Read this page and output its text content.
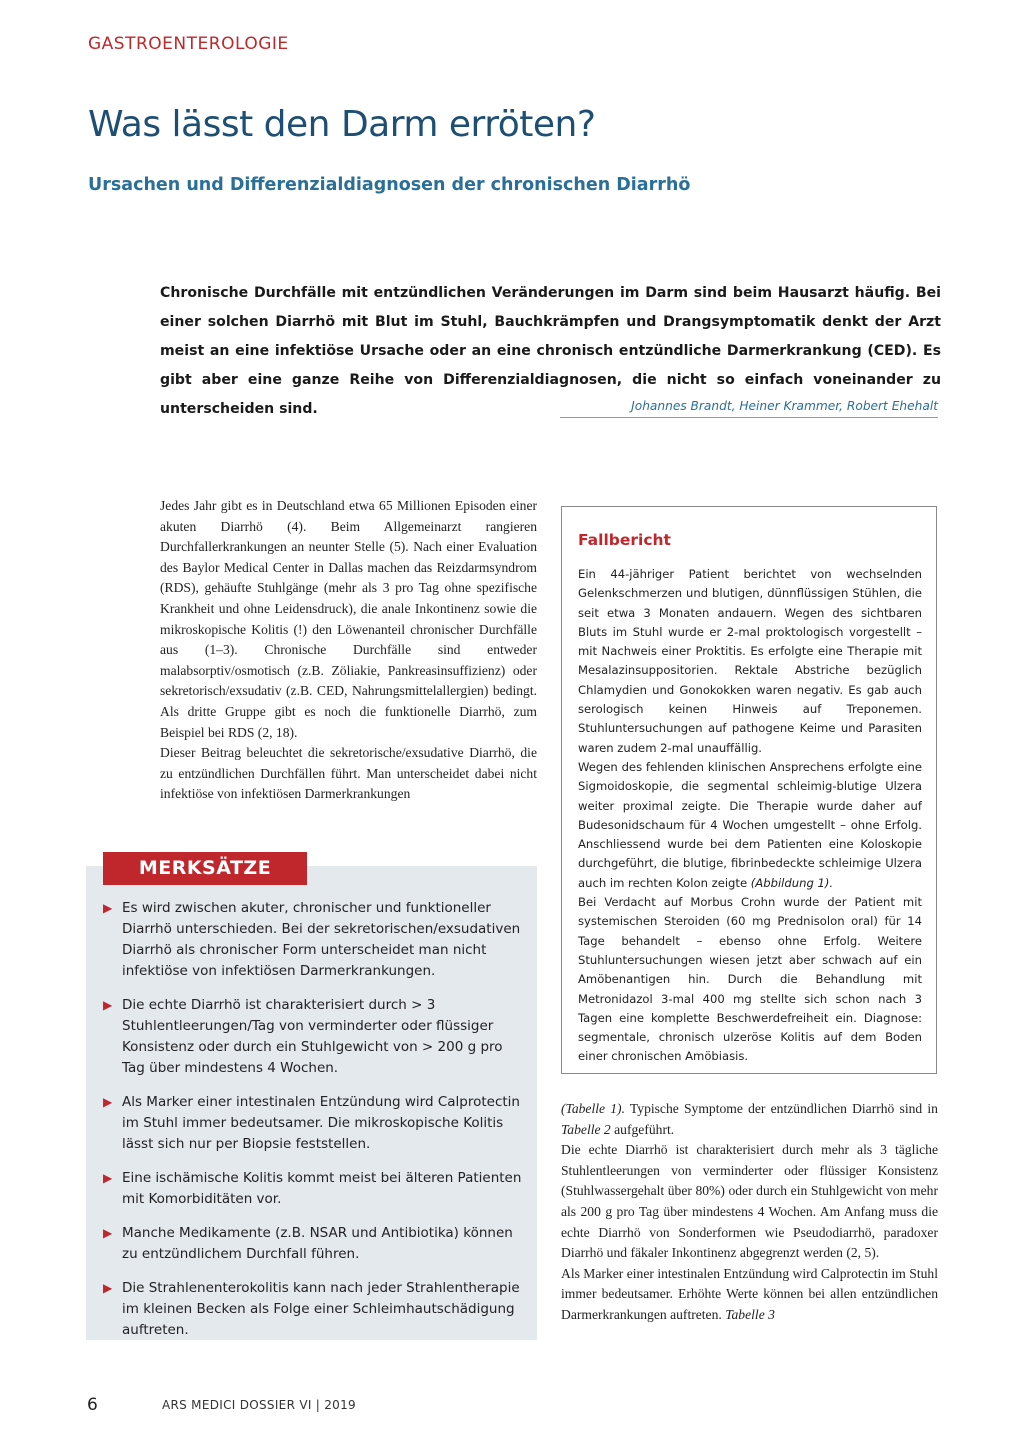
GASTROENTEROLOGIE
Was lässt den Darm erröten?
Ursachen und Differenzialdiagnosen der chronischen Diarrhö

Chronische Durchfälle mit entzündlichen Veränderungen im Darm sind beim Hausarzt häufig. Bei einer solchen Diarrhö mit Blut im Stuhl, Bauchkrämpfen und Drangsymptomatik denkt der Arzt meist an eine infektiöse Ursache oder an eine chronisch entzündliche Darmerkrankung (CED). Es gibt aber eine ganze Reihe von Differenzialdiagnosen, die nicht so einfach voneinander zu unterscheiden sind.	Johannes Brandt, Heiner Krammer, Robert Ehehalt

Jedes Jahr gibt es in Deutschland etwa 65 Millionen Episoden einer akuten Diarrhö (4). Beim Allgemeinarzt rangieren Durchfallerkrankungen an neunter Stelle (5). Nach einer Evaluation des Baylor Medical Center in Dallas machen das Reizdarmsyndrom (RDS), gehäufte Stuhlgänge (mehr als 3 pro Tag ohne spezifische Krankheit und ohne Leidensdruck), die anale Inkontinenz sowie die mikroskopische Kolitis (!) den Löwenanteil chronischer Durchfälle aus (1–3). Chronische Durchfälle sind entweder malabsorptiv/osmotisch (z.B. Zöliakie, Pankreasinsuffizienz) oder sekretorisch/exsudativ (z.B. CED, Nahrungsmittelallergien) bedingt. Als dritte Gruppe gibt es noch die funktionelle Diarrhö, zum Beispiel bei RDS (2, 18).

Dieser Beitrag beleuchtet die sekretorische/exsudative Diarrhö, die zu entzündlichen Durchfällen führt. Man unterscheidet dabei nicht infektiöse von infektiösen Darmerkrankungen

Fallbericht

Ein 44-jähriger Patient berichtet von wechselnden Gelenkschmerzen und blutigen, dünnflüssigen Stühlen, die seit etwa 3 Monaten andauern. Wegen des sichtbaren Bluts im Stuhl wurde er 2-mal proktologisch vorgestellt – mit Nachweis einer Proktitis. Es erfolgte eine Therapie mit Mesalazinsuppositorien. Rektale Abstriche bezüglich Chlamydien und Gonokokken waren negativ. Es gab auch serologisch keinen Hinweis auf Treponemen. Stuhluntersuchungen auf pathogene Keime und Parasiten waren zudem 2-mal unauffällig.

Wegen des fehlenden klinischen Ansprechens erfolgte eine Sigmoidoskopie, die segmental schleimig-blutige Ulzera weiter proximal zeigte. Die Therapie wurde daher auf Budesonidschaum für 4 Wochen umgestellt – ohne Erfolg. Anschliessend wurde bei dem Patienten eine Koloskopie durchgeführt, die blutige, fibrinbedeckte schleimige Ulzera auch im rechten Kolon zeigte (Abbildung 1).

Bei Verdacht auf Morbus Crohn wurde der Patient mit systemischen Steroiden (60 mg Prednisolon oral) für 14 Tage behandelt – ebenso ohne Erfolg. Weitere Stuhluntersuchungen wiesen jetzt aber schwach auf ein Amöbenantigen hin. Durch die Behandlung mit Metronidazol 3-mal 400 mg stellte sich schon nach 3 Tagen eine komplette Beschwerdefreiheit ein. Diagnose: segmentale, chronisch ulzeröse Kolitis auf dem Boden einer chronischen Amöbiasis.

MERKSÄTZE
▶ Es wird zwischen akuter, chronischer und funktioneller Diarrhö unterschieden. Bei der sekretorischen/exsudativen Diarrhö als chronischer Form unterscheidet man nicht infektiöse von infektiösen Darmerkrankungen.
▶ Die echte Diarrhö ist charakterisiert durch > 3 Stuhlentleerungen/Tag von verminderter oder flüssiger Konsistenz oder durch ein Stuhlgewicht von > 200 g pro Tag über mindestens 4 Wochen.
▶ Als Marker einer intestinalen Entzündung wird Calprotectin im Stuhl immer bedeutsamer. Die mikroskopische Kolitis lässt sich nur per Biopsie feststellen.
▶ Eine ischämische Kolitis kommt meist bei älteren Patienten mit Komorbiditäten vor.
▶ Manche Medikamente (z.B. NSAR und Antibiotika) können zu entzündlichem Durchfall führen.
▶ Die Strahlenenterokolitis kann nach jeder Strahlentherapie im kleinen Becken als Folge einer Schleimhautschädigung auftreten.

(Tabelle 1). Typische Symptome der entzündlichen Diarrhö sind in Tabelle 2 aufgeführt.

Die echte Diarrhö ist charakterisiert durch mehr als 3 tägliche Stuhlentleerungen von verminderter oder flüssiger Konsistenz (Stuhlwassergehalt über 80%) oder durch ein Stuhlgewicht von mehr als 200 g pro Tag über mindestens 4 Wochen. Am Anfang muss die echte Diarrhö von Sonderformen wie Pseudodiarrhö, paradoxer Diarrhö und fäkaler Inkontinenz abgegrenzt werden (2, 5).

Als Marker einer intestinalen Entzündung wird Calprotectin im Stuhl immer bedeutsamer. Erhöhte Werte können bei allen entzündlichen Darmerkrankungen auftreten. Tabelle 3

6	ARS MEDICI DOSSIER VI | 2019
